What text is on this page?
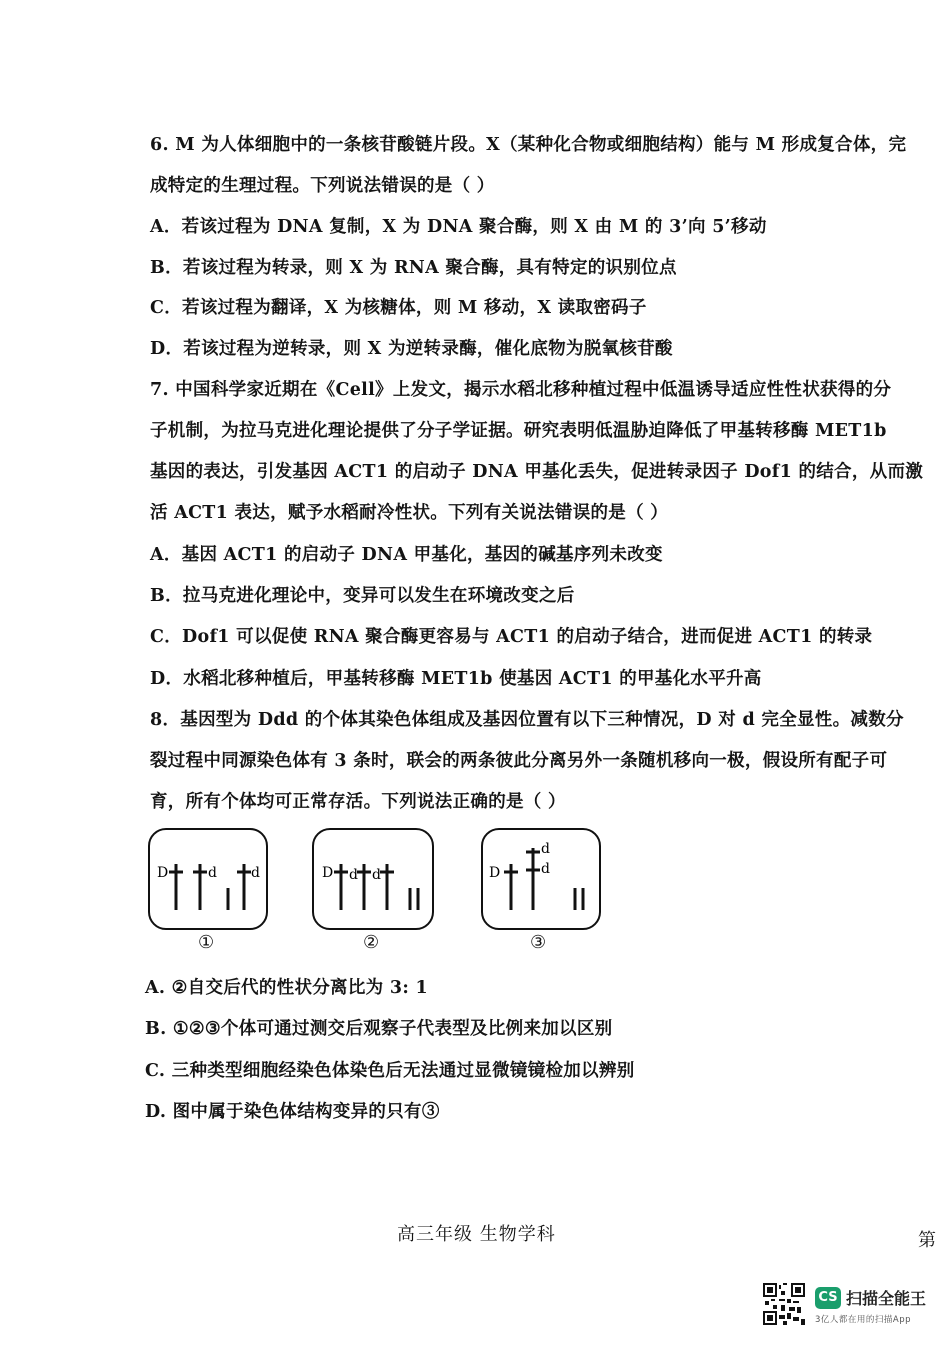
6. M 为人体细胞中的一条核苷酸链片段。X（某种化合物或细胞结构）能与 M 形成复合体，完
成特定的生理过程。下列说法错误的是（ ）
A．若该过程为 DNA 复制，X 为 DNA 聚合酶，则 X 由 M 的 3’向 5’移动
B．若该过程为转录，则 X 为 RNA 聚合酶，具有特定的识别位点
C．若该过程为翻译，X 为核糖体，则 M 移动，X 读取密码子
D．若该过程为逆转录，则 X 为逆转录酶，催化底物为脱氧核苷酸
7. 中国科学家近期在《Cell》上发文，揭示水稻北移种植过程中低温诱导适应性性状获得的分
子机制，为拉马克进化理论提供了分子学证据。研究表明低温胁迫降低了甲基转移酶 MET1b
基因的表达，引发基因 ACT1 的启动子 DNA 甲基化丢失，促进转录因子 Dof1 的结合，从而激
活 ACT1 表达，赋予水稻耐冷性状。下列有关说法错误的是（ ）
A．基因 ACT1 的启动子 DNA 甲基化，基因的碱基序列未改变
B．拉马克进化理论中，变异可以发生在环境改变之后
C．Dof1 可以促使 RNA 聚合酶更容易与 ACT1 的启动子结合，进而促进 ACT1 的转录
D．水稻北移种植后，甲基转移酶 MET1b 使基因 ACT1 的甲基化水平升高
8．基因型为 Ddd 的个体其染色体组成及基因位置有以下三种情况，D 对 d 完全显性。减数分
裂过程中同源染色体有 3 条时，联会的两条彼此分离另外一条随机移向一极，假设所有配子可
育，所有个体均可正常存活。下列说法正确的是（ ）
D	d d
①
D d d
②
D
d
d
③
A. ②自交后代的性状分离比为 3: 1
B. ①②③个体可通过测交后观察子代表型及比例来加以区别
C. 三种类型细胞经染色体染色后无法通过显微镜镜检加以辨别
D. 图中属于染色体结构变异的只有③
高三年级 生物学科	第
CS 扫描全能王
3亿人都在用的扫描App
